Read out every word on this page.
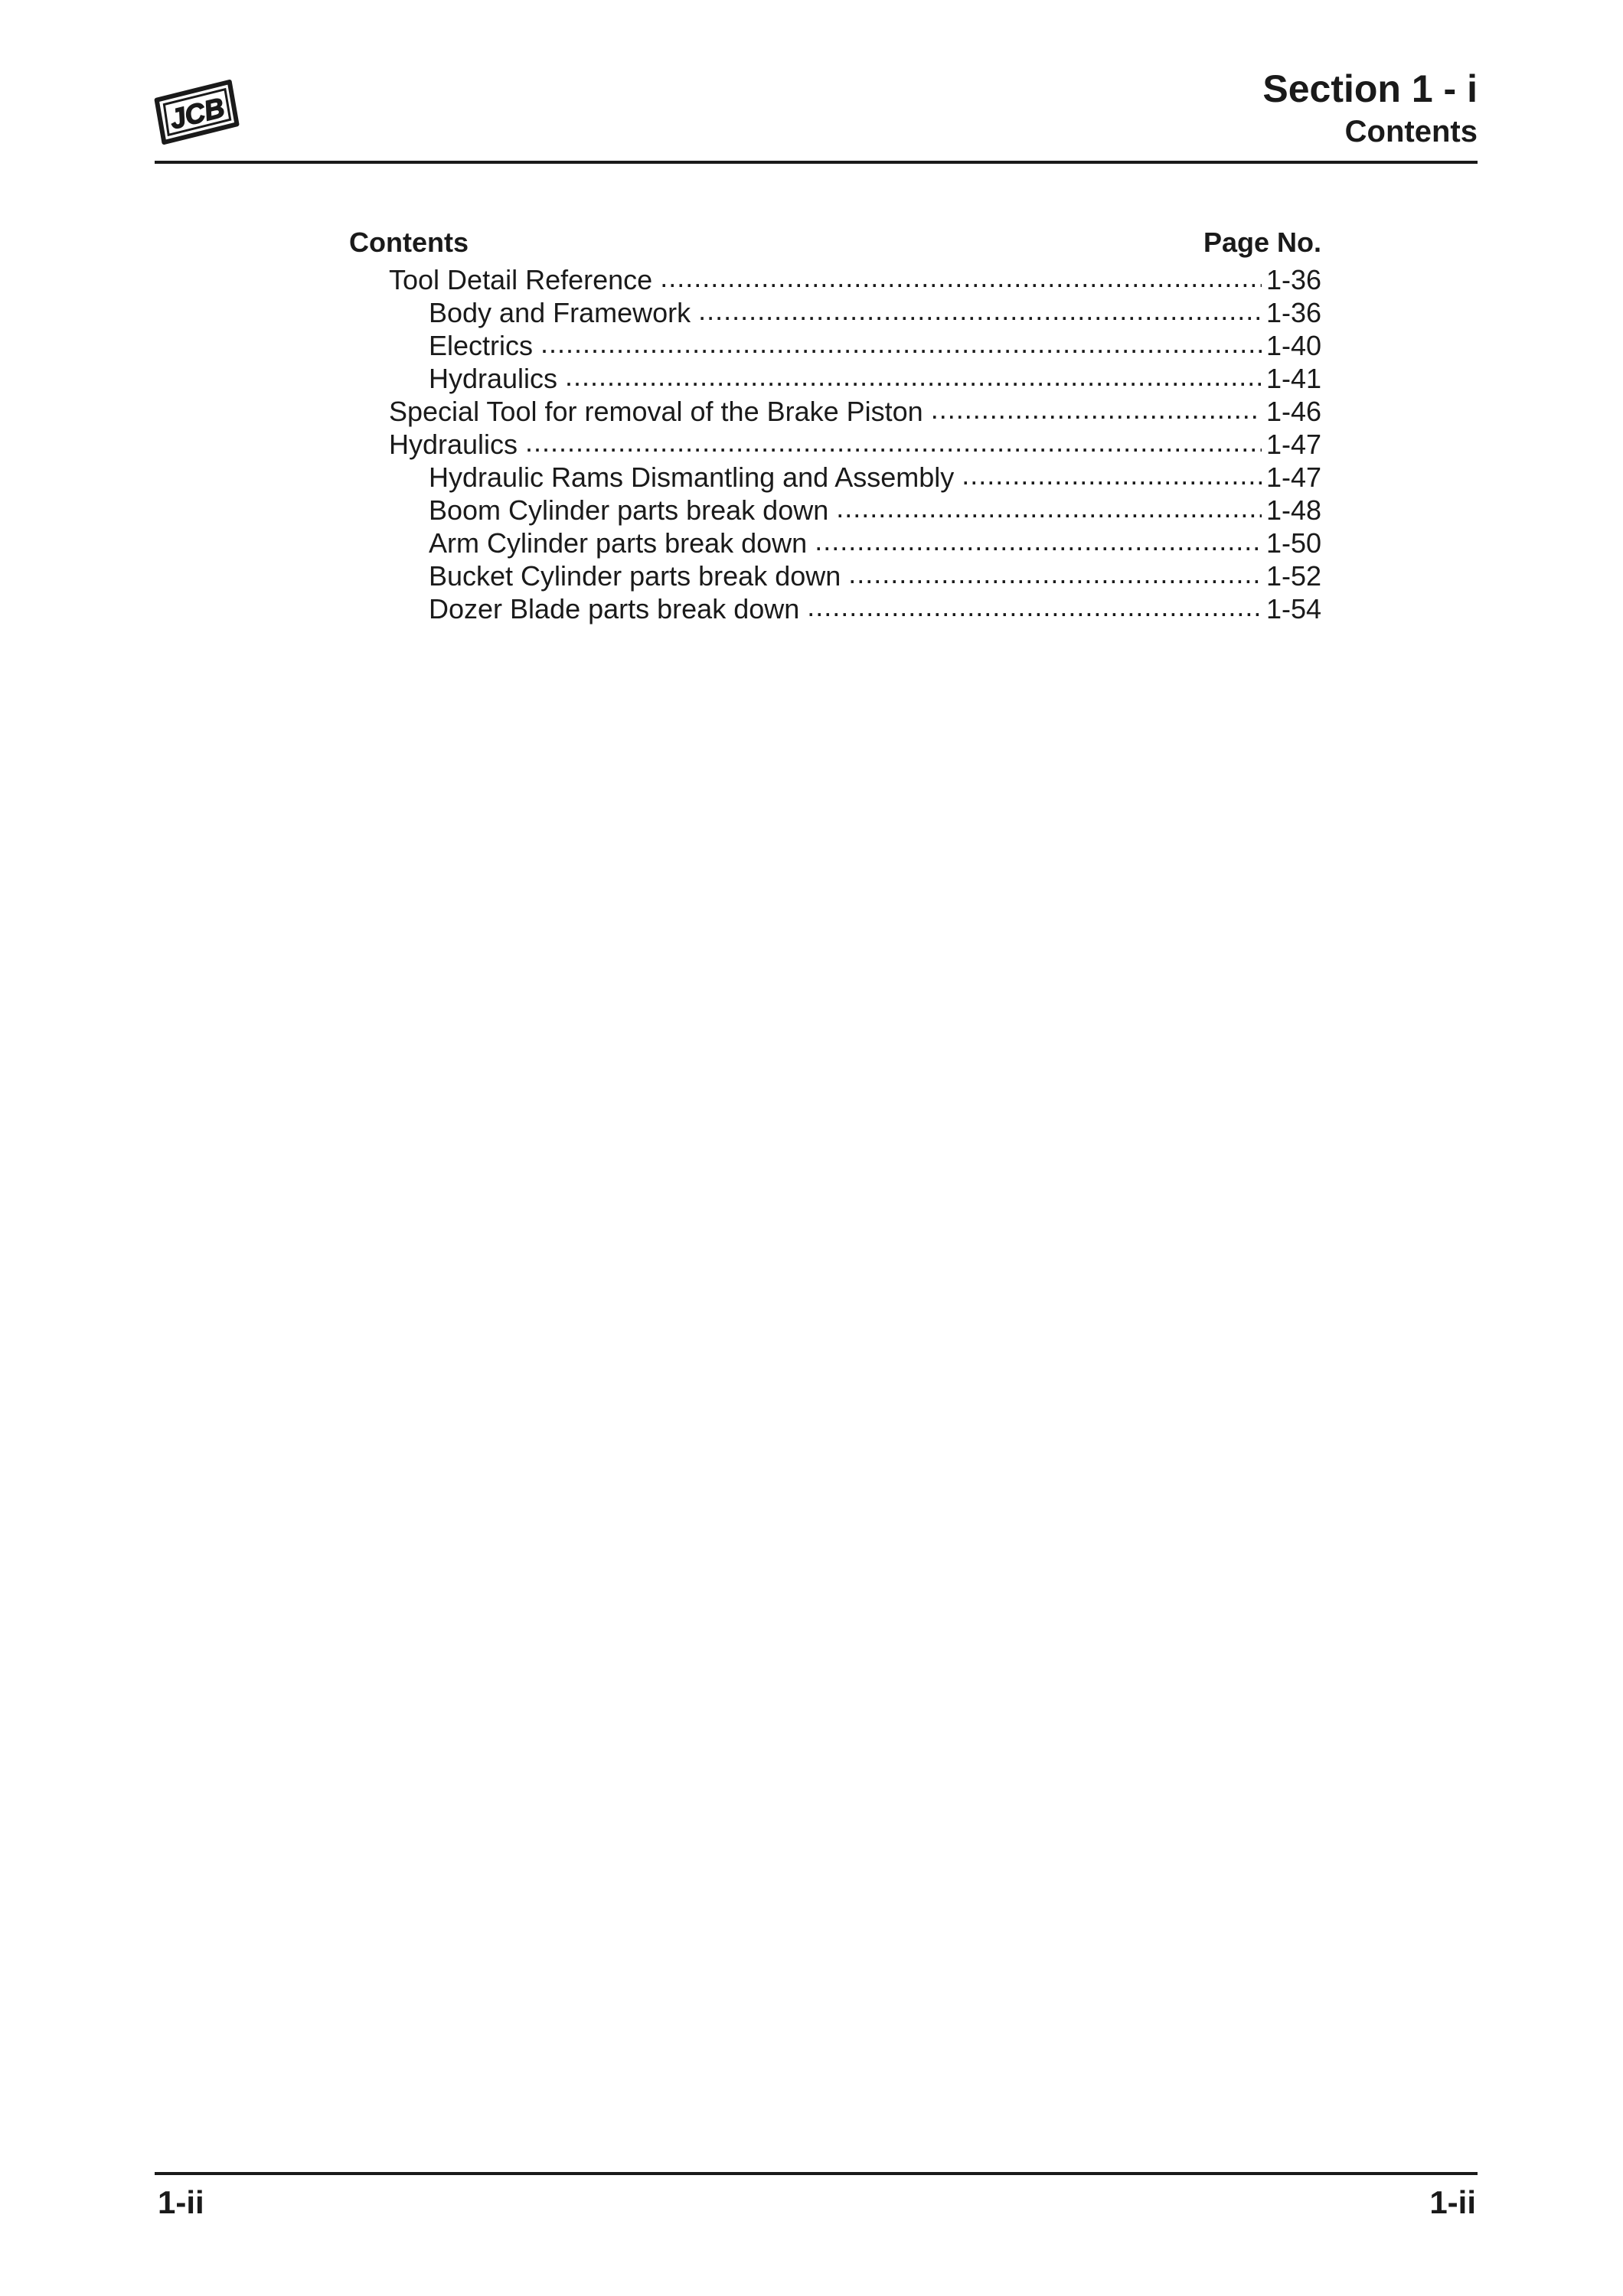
JCB
Section 1 - i
Contents
Contents	Page No.
Tool Detail Reference .....	1-36
Body and Framework .....	1-36
Electrics .....	1-40
Hydraulics .....	1-41
Special Tool for removal of the Brake Piston .....	1-46
Hydraulics .....	1-47
Hydraulic Rams Dismantling and Assembly .....	1-47
Boom Cylinder parts break down .....	1-48
Arm Cylinder parts break down .....	1-50
Bucket Cylinder parts break down .....	1-52
Dozer Blade parts break down .....	1-54
1-ii	1-ii
